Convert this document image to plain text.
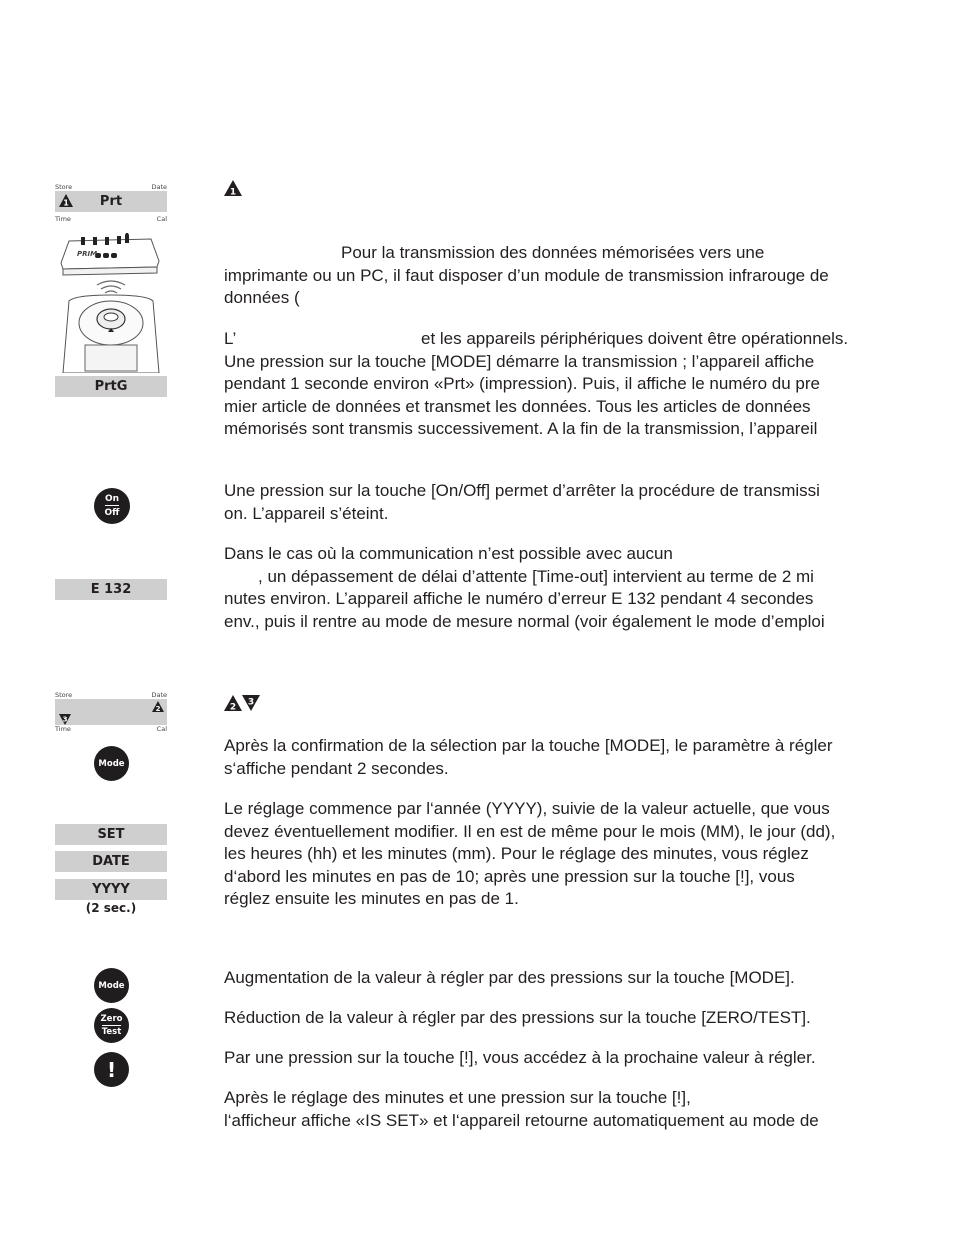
Store	Date
1 Prt
Time	Cal
PRIM
PrtG
1

Pour la transmission des données mémorisées vers une

imprimante ou un PC, il faut disposer d’un module de transmission infrarouge de

données (

L’	et les appareils périphériques doivent être opérationnels.

Une pression sur la touche [MODE] démarre la transmission ; l’appareil affiche

pendant 1 seconde environ «Prt» (impression). Puis, il affiche le numéro du pre

mier article de données et transmet les données. Tous les articles de données

mémorisés sont transmis successivement. A la fin de la transmission, l’appareil

On
Off
Une pression sur la touche [On/Off] permet d’arrêter la procédure de transmissi
on. L’appareil s’éteint.

Dans le cas où la communication n’est possible avec aucun

, un dépassement de délai d’attente [Time-out] intervient au terme de 2 mi

nutes environ. L’appareil affiche le numéro d’erreur E 132 pendant 4 secondes

env., puis il rentre au mode de mesure normal (voir également le mode d’emploi

E 132
Store	Date
3
2
Time	Cal
Mode
2 3
Après la confirmation de la sélection par la touche [MODE], le paramètre à régler
s‘affiche pendant 2 secondes.
Le réglage commence par l‘année (YYYY), suivie de la valeur actuelle, que vous
devez éventuellement modifier. Il en est de même pour le mois (MM), le jour (dd),
les heures (hh) et les minutes (mm). Pour le réglage des minutes, vous réglez
d‘abord les minutes en pas de 10; après une pression sur la touche [!], vous
réglez ensuite les minutes en pas de 1.
SET
DATE
YYYY
(2 sec.)
Mode
Zero
Test
!

Augmentation de la valeur à régler par des pressions sur la touche [MODE].

Réduction de la valeur à régler par des pressions sur la touche [ZERO/TEST].

Par une pression sur la touche [!], vous accédez à la prochaine valeur à régler.

Après le réglage des minutes et une pression sur la touche [!],
l‘afficheur affiche «IS SET» et l‘appareil retourne automatiquement au mode de
